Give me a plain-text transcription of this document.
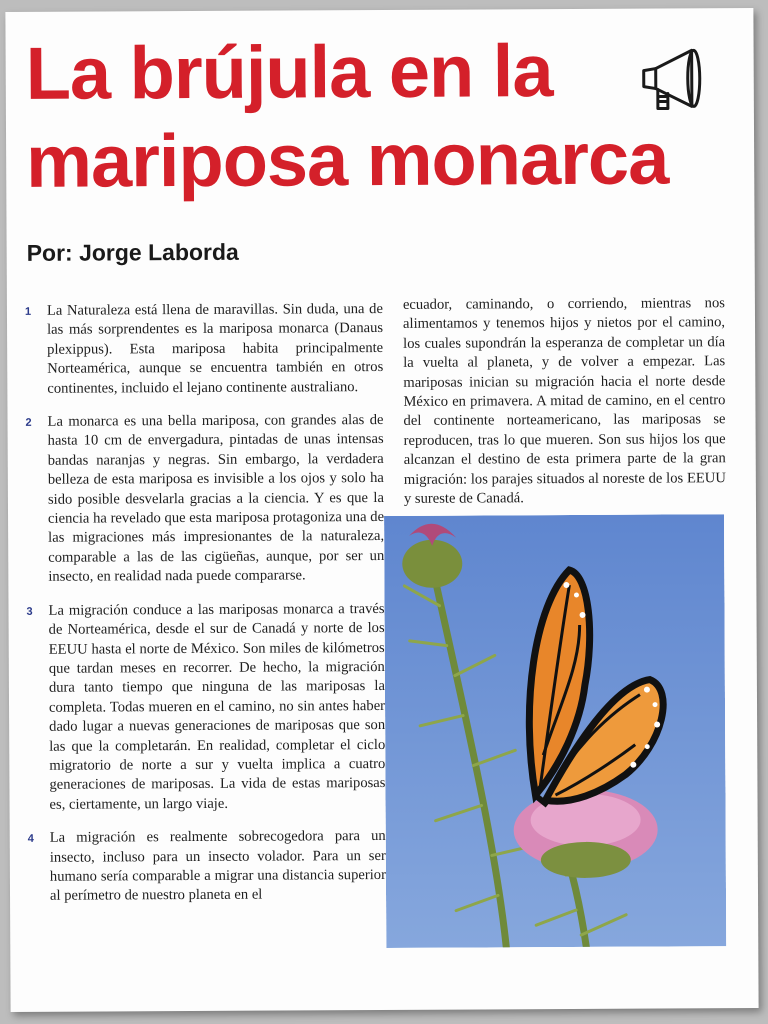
La brújula en la
mariposa monarca
Por: Jorge Laborda

1 La Naturaleza está llena de maravillas. Sin duda, una de las más sorprendentes es la mariposa monarca (Danaus plexippus). Esta mariposa habita principalmente Norteamérica, aunque se encuentra también en otros continentes, incluido el lejano continente australiano.

2 La monarca es una bella mariposa, con grandes alas de hasta 10 cm de envergadura, pintadas de unas intensas bandas naranjas y negras. Sin embargo, la verdadera belleza de esta mariposa es invisible a los ojos y solo ha sido posible desvelarla gracias a la ciencia. Y es que la ciencia ha revelado que esta mariposa protagoniza una de las migraciones más impresionantes de la naturaleza, comparable a las de las cigüeñas, aunque, por ser un insecto, en realidad nada puede compararse.

3 La migración conduce a las mariposas monarca a través de Norteamérica, desde el sur de Canadá y norte de los EEUU hasta el norte de México. Son miles de kilómetros que tardan meses en recorrer. De hecho, la migración dura tanto tiempo que ninguna de las mariposas la completa. Todas mueren en el camino, no sin antes haber dado lugar a nuevas generaciones de mariposas que son las que la completarán. En realidad, completar el ciclo migratorio de norte a sur y vuelta implica a cuatro generaciones de mariposas. La vida de estas mariposas es, ciertamente, un largo viaje.

4 La migración es realmente sobrecogedora para un insecto, incluso para un insecto volador. Para un ser humano sería comparable a migrar una distancia superior al perímetro de nuestro planeta en el

ecuador, caminando, o corriendo, mientras nos alimentamos y tenemos hijos y nietos por el camino, los cuales supondrán la esperanza de completar un día la vuelta al planeta, y de volver a empezar. Las mariposas inician su migración hacia el norte desde México en primavera. A mitad de camino, en el centro del continente norteamericano, las mariposas se reproducen, tras lo que mueren. Son sus hijos los que alcanzan el destino de esta primera parte de la gran migración: los parajes situados al noreste de los EEUU y sureste de Canadá.
